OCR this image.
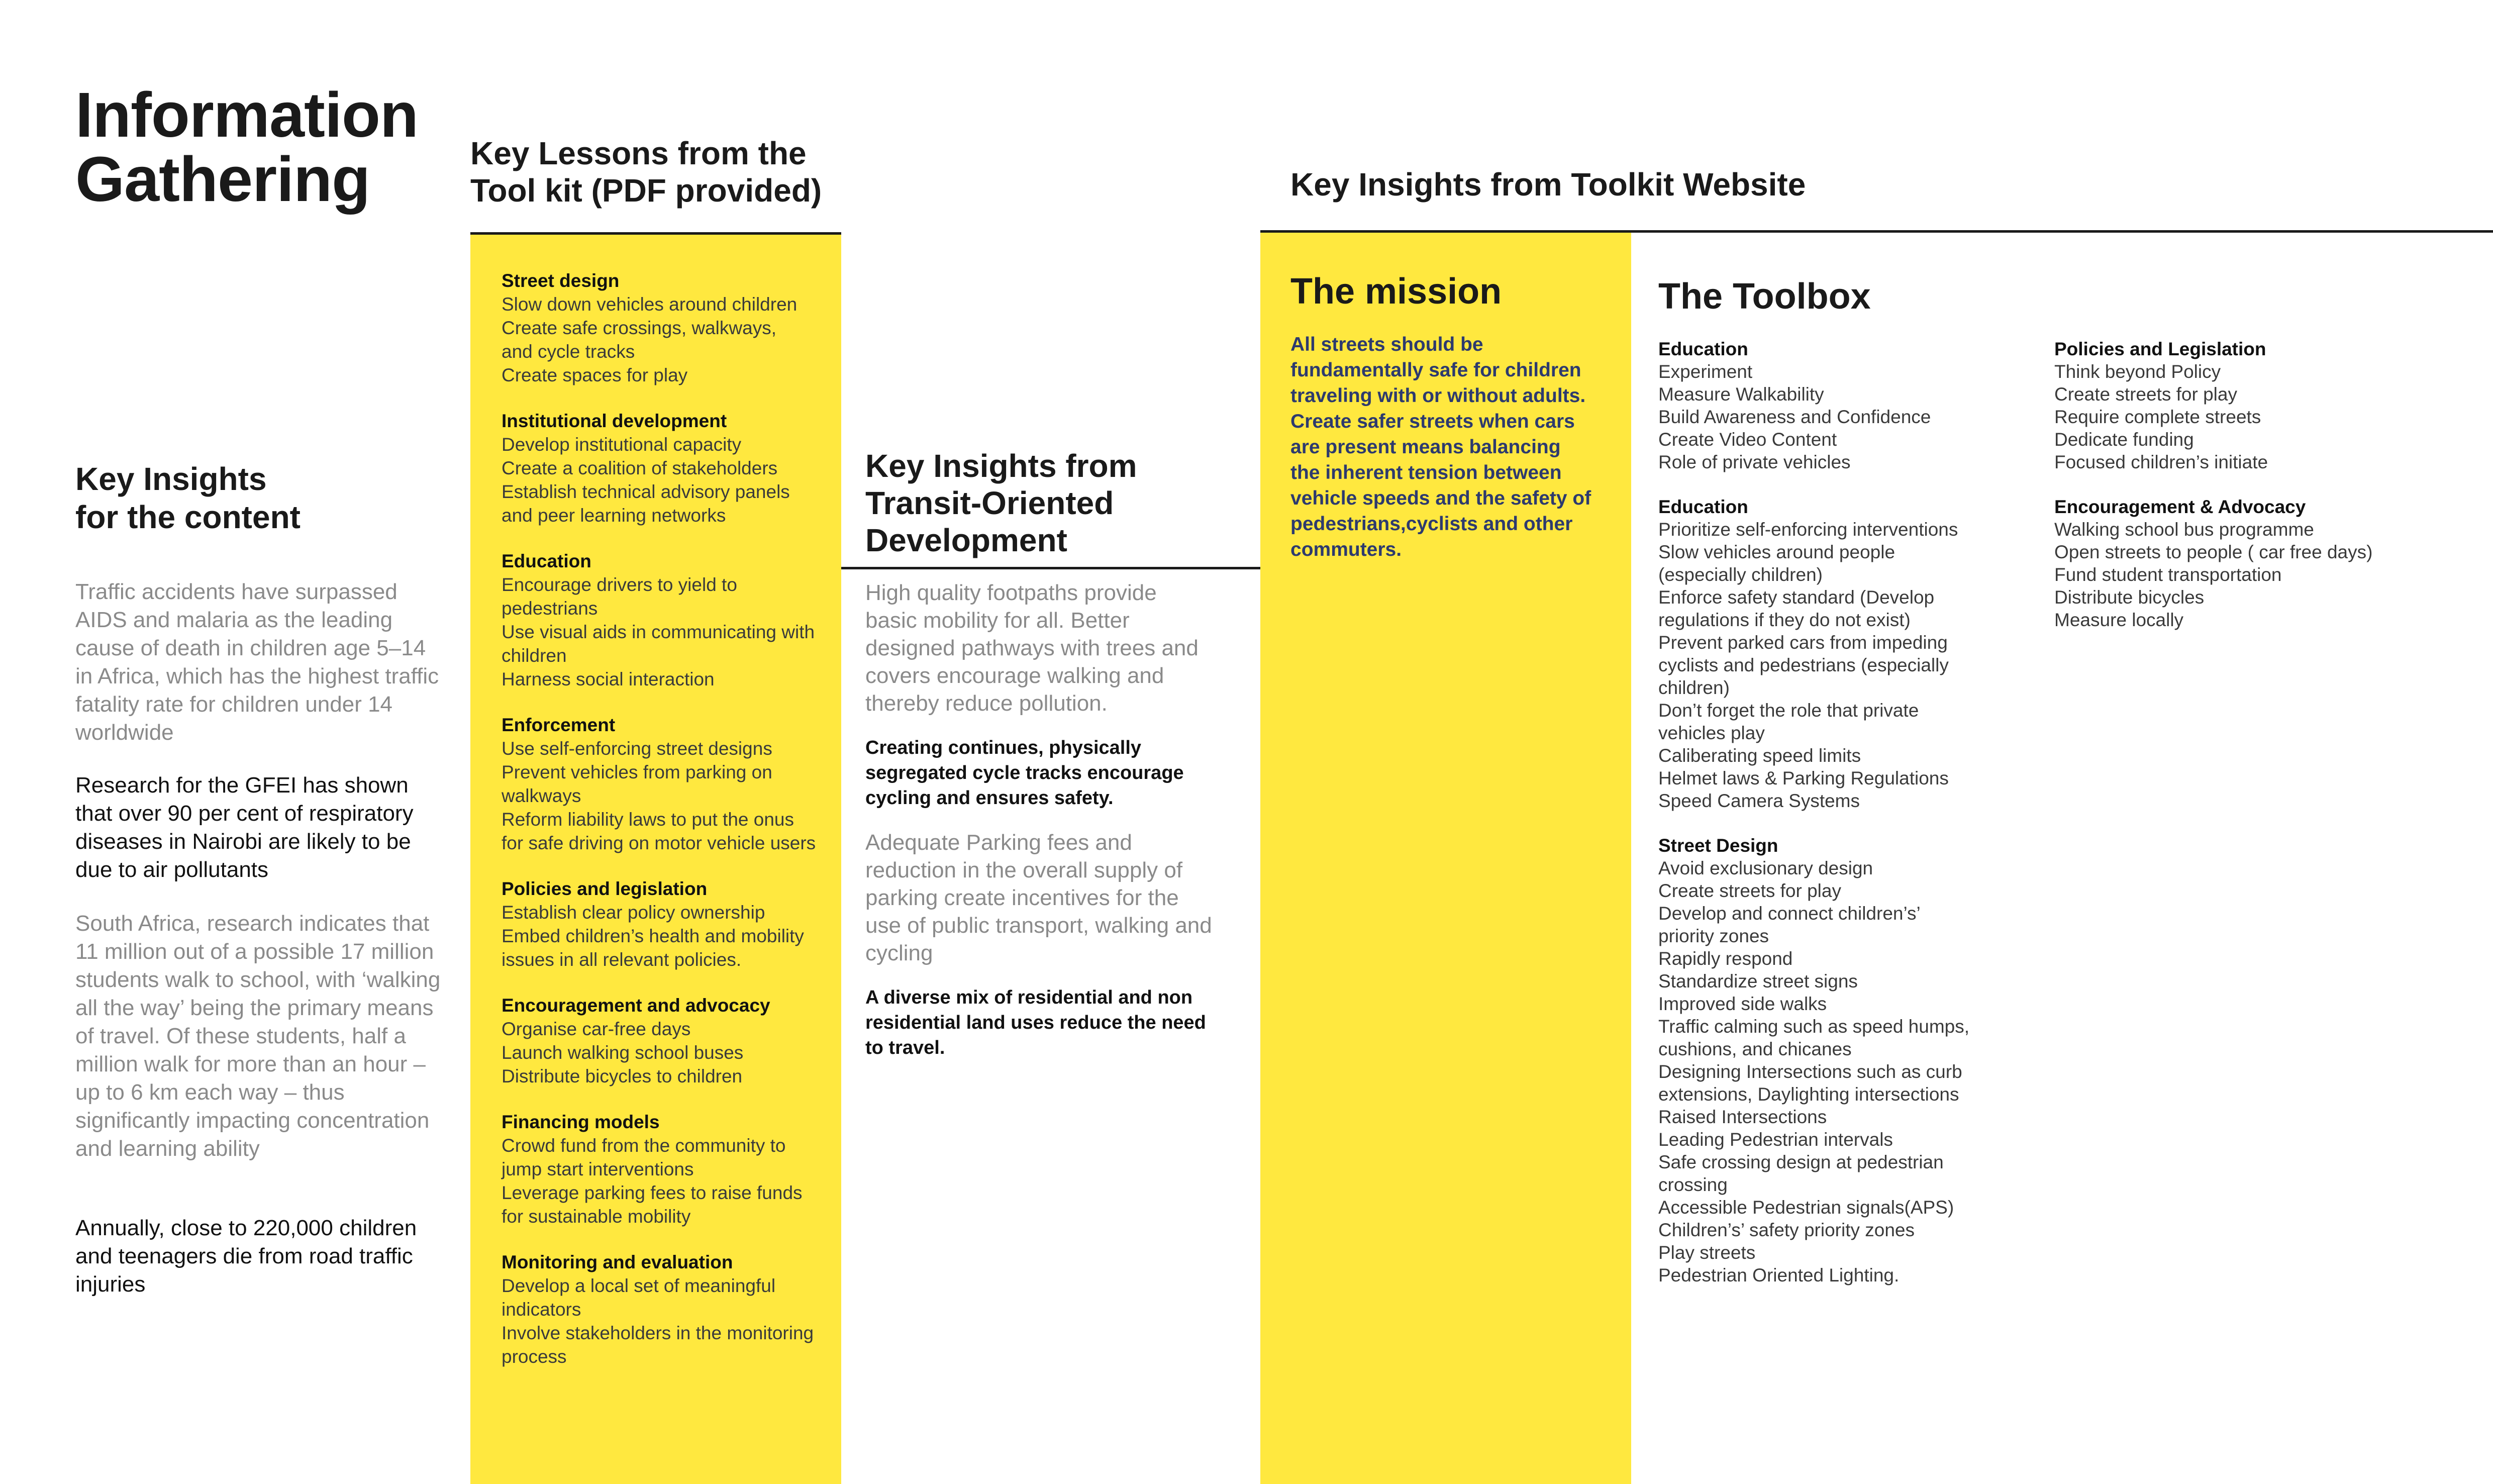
Information
Gathering
Key Insights
for the content
Traffic accidents have surpassed AIDS and malaria as the leading cause of death in children age 5–14 in Africa, which has the highest traffic fatality rate for children under 14 worldwide
Research for the GFEI has shown that over 90 per cent of respiratory diseases in Nairobi are likely to be due to air pollutants
South Africa, research indicates that 11 million out of a possible 17 million students walk to school, with ‘walking all the way’ being the primary means of travel. Of these students, half a million walk for more than an hour – up to 6 km each way – thus significantly impacting concentration and learning ability
Annually, close to 220,000 children and teenagers die from road traffic injuries
Key Lessons from the
Tool kit (PDF provided)
Street design
Slow down vehicles around children
Create safe crossings, walkways,
and cycle tracks
Create spaces for play
Institutional development
Develop institutional capacity
Create a coalition of stakeholders
Establish technical advisory panels
and peer learning networks
Education
Encourage drivers to yield to
pedestrians
Use visual aids in communicating with
children
Harness social interaction
Enforcement
Use self-enforcing street designs
Prevent vehicles from parking on
walkways
Reform liability laws to put the onus
for safe driving on motor vehicle users
Policies and legislation
Establish clear policy ownership
Embed children’s health and mobility
issues in all relevant policies.
Encouragement and advocacy
Organise car-free days
Launch walking school buses
Distribute bicycles to children
Financing models
Crowd fund from the community to
jump start interventions
Leverage parking fees to raise funds
for sustainable mobility
Monitoring and evaluation
Develop a local set of meaningful
indicators
Involve stakeholders in the monitoring
process
Key Insights from
Transit-Oriented
Development
High quality footpaths provide
basic mobility for all. Better
designed pathways with trees and
covers encourage walking and
thereby reduce pollution.
Creating continues, physically
segregated cycle tracks encourage
cycling and ensures safety.
Adequate Parking fees and
reduction in the overall supply of
parking create incentives for the
use of public transport, walking and
cycling
A diverse mix of residential and non
residential land uses reduce the need
to travel.
Key Insights from Toolkit Website
The mission
All streets should be
fundamentally safe for children
traveling with or without adults.
Create safer streets when cars
are present means balancing
the inherent tension between
vehicle speeds and the safety of
pedestrians,cyclists and other
commuters.
The Toolbox
Education
Experiment
Measure Walkability
Build Awareness and Confidence
Create Video Content
Role of private vehicles
Education
Prioritize self-enforcing interventions
Slow vehicles around people
(especially children)
Enforce safety standard (Develop
regulations if they do not exist)
Prevent parked cars from impeding
cyclists and pedestrians (especially
children)
Don’t forget the role that private
vehicles play
Caliberating speed limits
Helmet laws & Parking Regulations
Speed Camera Systems
Street Design
Avoid exclusionary design
Create streets for play
Develop and connect children’s’
priority zones
Rapidly respond
Standardize street signs
Improved side walks
Traffic calming such as speed humps,
cushions, and chicanes
Designing Intersections such as curb
extensions, Daylighting intersections
Raised Intersections
Leading Pedestrian intervals
Safe crossing design at pedestrian
crossing
Accessible Pedestrian signals(APS)
Children’s’ safety priority zones
Play streets
Pedestrian Oriented Lighting.
Policies and Legislation
Think beyond Policy
Create streets for play
Require complete streets
Dedicate funding
Focused children’s initiate
Encouragement & Advocacy
Walking school bus programme
Open streets to people ( car free days)
Fund student transportation
Distribute bicycles
Measure locally
